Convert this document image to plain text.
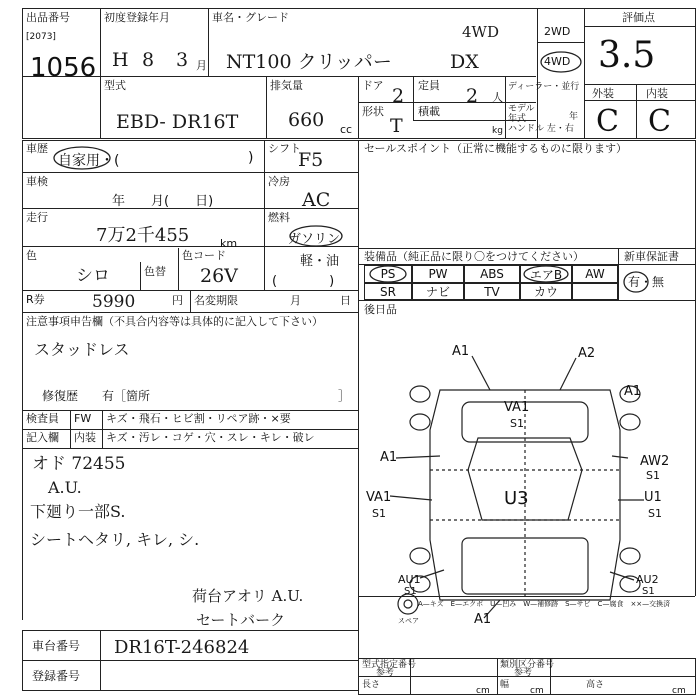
出品番号
[2073]
1056
初度登録年月
H 8 3 月
車名・グレード
NT100 クリッパー
4WD
DX
2WD
4WD
評価点
3.5
型式
EBD- DR16T
排気量
660 cc
ドア 2 定員 2 人
ディーラー・並行
モデル年式	年
形状
T
積載
kg ハンドル 左・右
外装	内装
C C
車歴
自家用・(	)
シフト
F5
車検
年　　月(　　日)
冷房
AC
走行
7万2千455	km
燃料
ガソリン
軽・油
(　　　　)
色
シロ	色替
色コード
26V
R券	5990	円 名変期限	月	日
注意事項申告欄（不具合内容等は具体的に記入して下さい）
スタッドレス
修復歴　　有［箇所	］
検査員
記入欄
FW キズ・飛石・ヒビ割・リペア跡・×要
内装 キズ・汚レ・コゲ・穴・スレ・キレ・破レ
オド 72455
A.U.
下廻り一部S.
シートヘタリ, キレ, シ.
荷台アオリ A.U.
セートバーク
セールスポイント（正常に機能するものに限ります）
装備品（純正品に限り〇をつけてください）	新車保証書
PS	PW	ABS	エアB	AW
SR	ナビ	TV	カウ
有・無
後日品
A1	A2
A1
VA1
S1
A1	AW2
S1
VA1
S1
U3	U1
S1
AU1
S1
AU2
S1
A1
スペア
A—キズ　E—エクボ　U—凹み　W—補修跡　S—サビ　C—腐食　××—交換済
車台番号 DR16T-246824
登録番号
型式指定番号
参考
類別区分番号
参考
長さ
cm
幅
cm
高さ
cm
